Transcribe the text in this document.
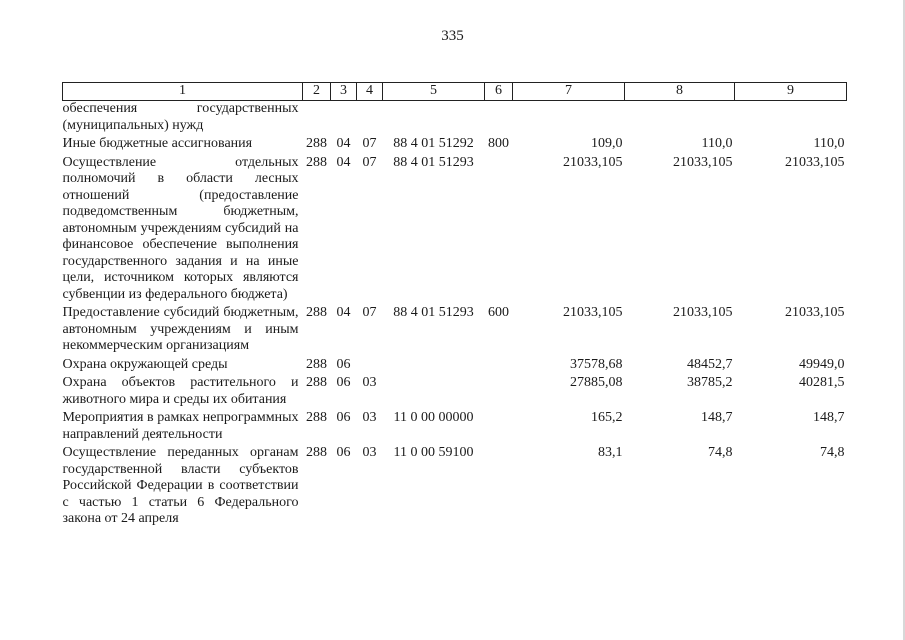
335
1	2	3	4	5	6	7	8	9
обеспечения государственных (муниципальных) нужд								
Иные бюджетные ассигнования	288	04	07	88 4 01 51292	800	109,0	110,0	110,0
Осуществление отдельных полномочий в области лесных отношений (предоставление подведомственным бюджетным, автономным учреждениям субсидий на финансовое обеспечение выполнения государственного задания и на иные цели, источником которых являются субвенции из федерального бюджета)	288	04	07	88 4 01 51293		21033,105	21033,105	21033,105
Предоставление субсидий бюджетным, автономным учреждениям и иным некоммерческим организациям	288	04	07	88 4 01 51293	600	21033,105	21033,105	21033,105
Охрана окружающей среды	288	06				37578,68	48452,7	49949,0
Охрана объектов растительного и животного мира и среды их обитания	288	06	03			27885,08	38785,2	40281,5
Мероприятия в рамках непрограммных направлений деятельности	288	06	03	11 0 00 00000		165,2	148,7	148,7
Осуществление переданных органам государственной власти субъектов Российской Федерации в соответствии с частью 1 статьи 6 Федерального закона от 24 апреля	288	06	03	11 0 00 59100		83,1	74,8	74,8
